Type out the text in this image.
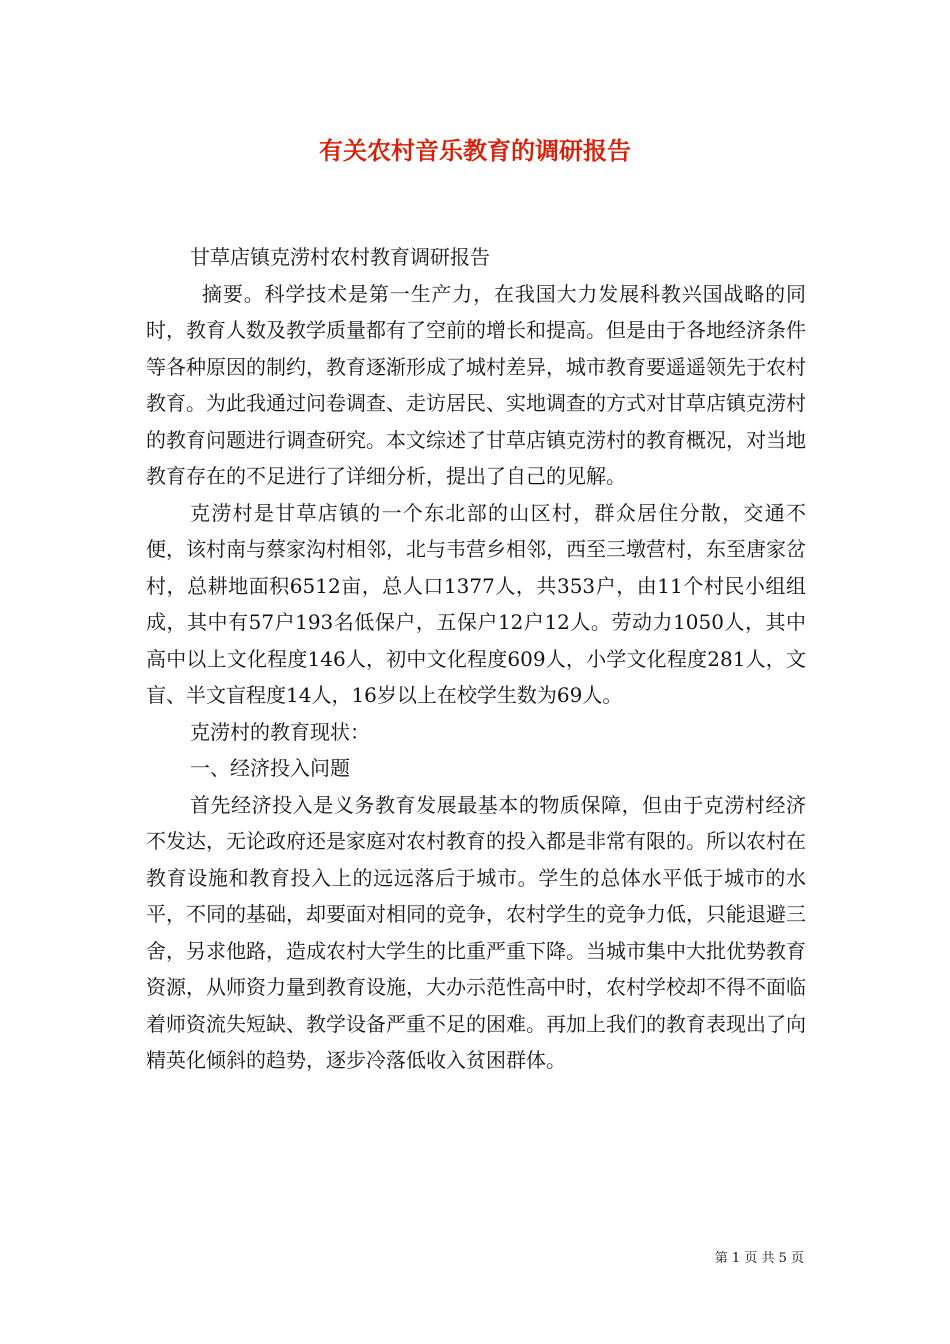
有关农村音乐教育的调研报告

甘草店镇克涝村农村教育调研报告

摘要。科学技术是第一生产力，在我国大力发展科教兴国战略的同时，教育人数及教学质量都有了空前的增长和提高。但是由于各地经济条件等各种原因的制约，教育逐渐形成了城村差异，城市教育要遥遥领先于农村教育。为此我通过问卷调查、走访居民、实地调查的方式对甘草店镇克涝村的教育问题进行调查研究。本文综述了甘草店镇克涝村的教育概况，对当地教育存在的不足进行了详细分析，提出了自己的见解。

克涝村是甘草店镇的一个东北部的山区村，群众居住分散，交通不便，该村南与蔡家沟村相邻，北与韦营乡相邻，西至三墩营村，东至唐家岔村，总耕地面积6512亩，总人口1377人，共353户，由11个村民小组组成，其中有57户193名低保户，五保户12户12人。劳动力1050人，其中高中以上文化程度146人，初中文化程度609人，小学文化程度281人，文盲、半文盲程度14人，16岁以上在校学生数为69人。

克涝村的教育现状：

一、经济投入问题

首先经济投入是义务教育发展最基本的物质保障，但由于克涝村经济不发达，无论政府还是家庭对农村教育的投入都是非常有限的。所以农村在教育设施和教育投入上的远远落后于城市。学生的总体水平低于城市的水平，不同的基础，却要面对相同的竞争，农村学生的竞争力低，只能退避三舍，另求他路，造成农村大学生的比重严重下降。当城市集中大批优势教育资源，从师资力量到教育设施，大办示范性高中时，农村学校却不得不面临着师资流失短缺、教学设备严重不足的困难。再加上我们的教育表现出了向精英化倾斜的趋势，逐步冷落低收入贫困群体。

第 1 页 共 5 页
